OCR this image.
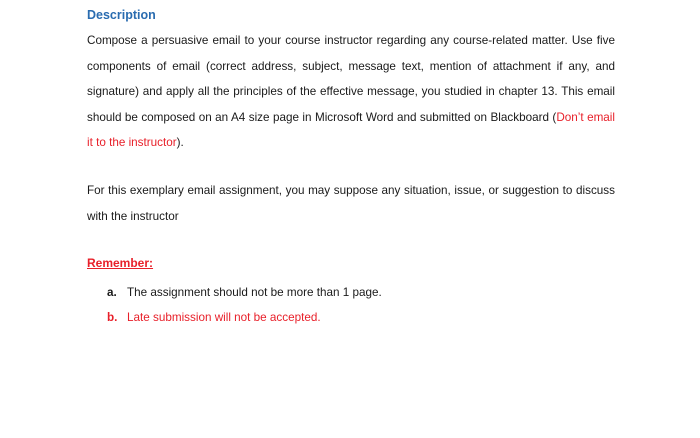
Description
Compose a persuasive email to your course instructor regarding any course-related matter. Use five components of email (correct address, subject, message text, mention of attachment if any, and signature) and apply all the principles of the effective message, you studied in chapter 13. This email should be composed on an A4 size page in Microsoft Word and submitted on Blackboard (Don’t email it to the instructor).
For this exemplary email assignment, you may suppose any situation, issue, or suggestion to discuss with the instructor
Remember:
a. The assignment should not be more than 1 page.
b. Late submission will not be accepted.
